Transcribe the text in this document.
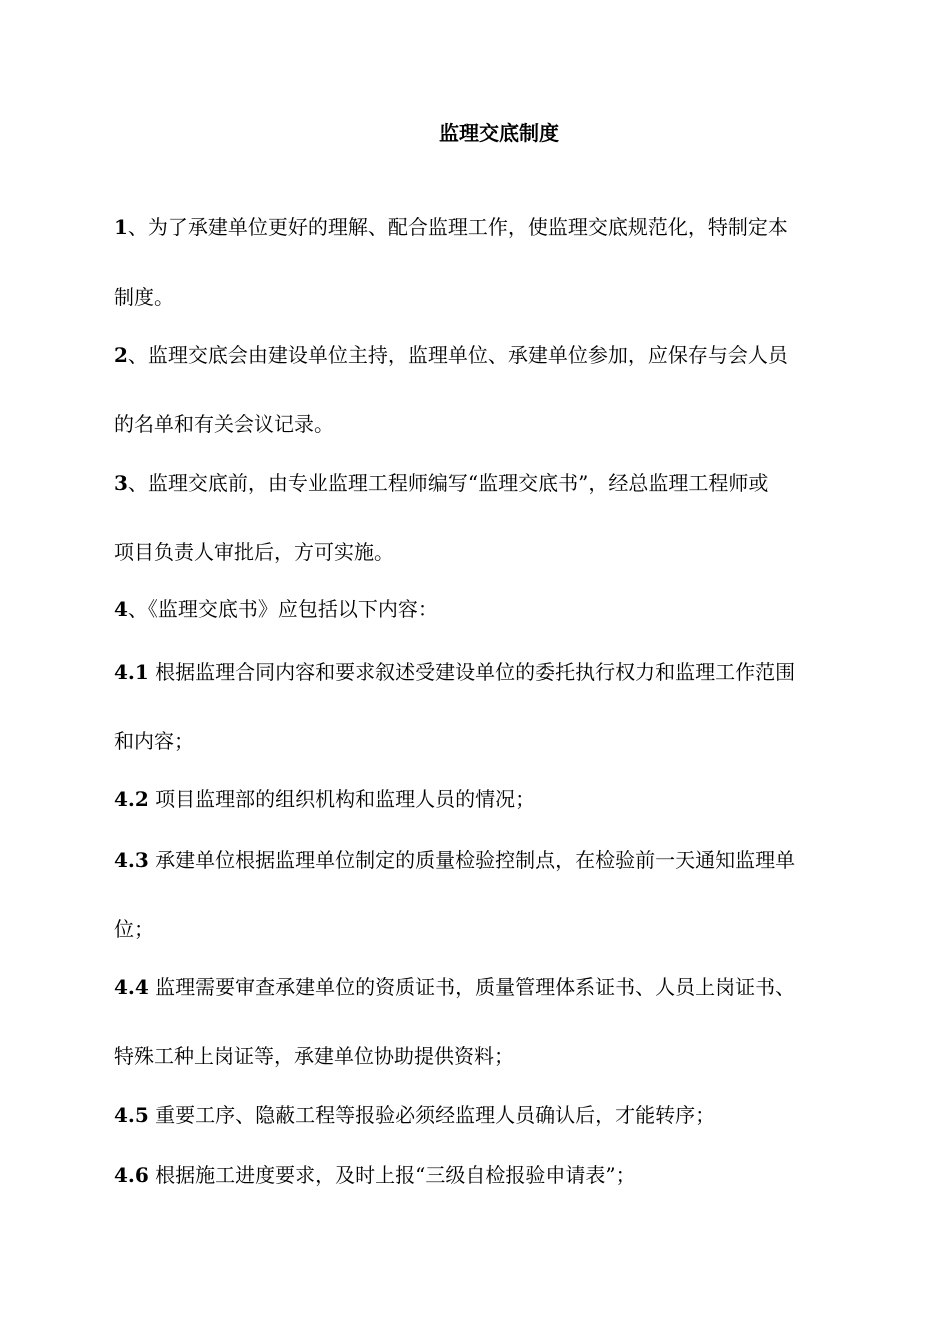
监理交底制度
1、为了承建单位更好的理解、配合监理工作，使监理交底规范化，特制定本
制度。
2、监理交底会由建设单位主持，监理单位、承建单位参加，应保存与会人员
的名单和有关会议记录。
3、监理交底前，由专业监理工程师编写“监理交底书”，经总监理工程师或
项目负责人审批后，方可实施。
4、《监理交底书》应包括以下内容：
4.1 根据监理合同内容和要求叙述受建设单位的委托执行权力和监理工作范围
和内容；
4.2 项目监理部的组织机构和监理人员的情况；
4.3 承建单位根据监理单位制定的质量检验控制点，在检验前一天通知监理单
位；
4.4 监理需要审查承建单位的资质证书，质量管理体系证书、人员上岗证书、
特殊工种上岗证等，承建单位协助提供资料；
4.5 重要工序、隐蔽工程等报验必须经监理人员确认后，才能转序；
4.6 根据施工进度要求，及时上报“三级自检报验申请表”；
